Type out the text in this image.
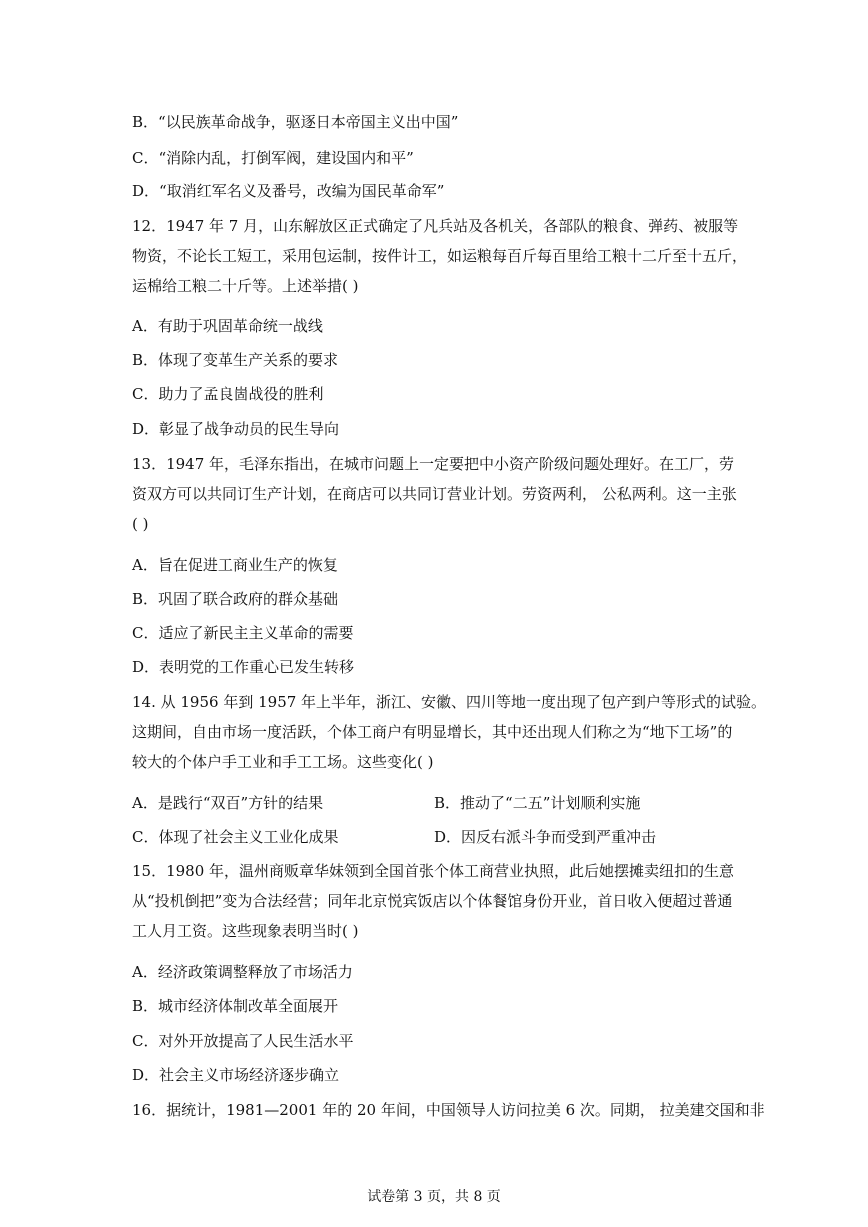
B．“以民族革命战争，驱逐日本帝国主义出中国”
C．“消除内乱，打倒军阀，建设国内和平”
D．“取消红军名义及番号，改编为国民革命军”
12．1947 年 7 月，山东解放区正式确定了凡兵站及各机关，各部队的粮食、弹药、被服等
物资，不论长工短工，采用包运制，按件计工，如运粮每百斤每百里给工粮十二斤至十五斤，
运棉给工粮二十斤等。上述举措( )
A．有助于巩固革命统一战线
B．体现了变革生产关系的要求
C．助力了孟良崮战役的胜利
D．彰显了战争动员的民生导向
13．1947 年，毛泽东指出，在城市问题上一定要把中小资产阶级问题处理好。在工厂，劳
资双方可以共同订生产计划，在商店可以共同订营业计划。劳资两利， 公私两利。这一主张
( )
A．旨在促进工商业生产的恢复
B．巩固了联合政府的群众基础
C．适应了新民主主义革命的需要
D．表明党的工作重心已发生转移
14. 从 1956 年到 1957 年上半年，浙江、安徽、四川等地一度出现了包产到户等形式的试验。
这期间，自由市场一度活跃，个体工商户有明显增长，其中还出现人们称之为“地下工场”的
较大的个体户手工业和手工工场。这些变化( )
A．是践行“双百”方针的结果	B．推动了“二五”计划顺利实施
C．体现了社会主义工业化成果	D．因反右派斗争而受到严重冲击
15．1980 年，温州商贩章华妹领到全国首张个体工商营业执照，此后她摆摊卖纽扣的生意
从“投机倒把”变为合法经营；同年北京悦宾饭店以个体餐馆身份开业，首日收入便超过普通
工人月工资。这些现象表明当时( )
A．经济政策调整释放了市场活力
B．城市经济体制改革全面展开
C．对外开放提高了人民生活水平
D．社会主义市场经济逐步确立
16．据统计，1981—2001 年的 20 年间，中国领导人访问拉美 6 次。同期， 拉美建交国和非
试卷第 3 页，共 8 页
